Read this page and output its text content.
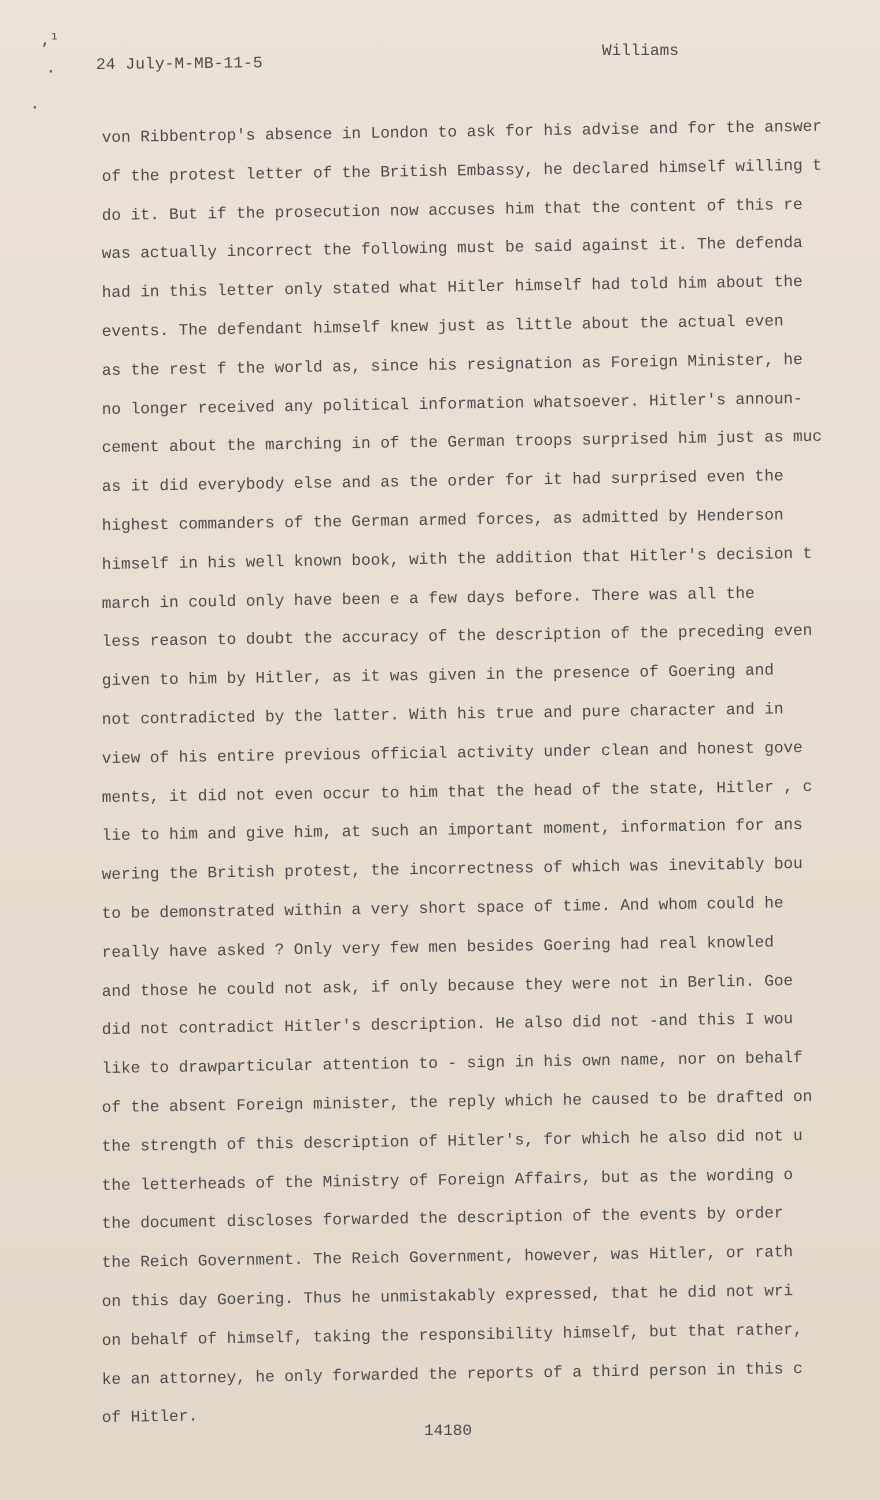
,¹
·
·
24 July-M-MB-11-5
Williams
von Ribbentrop's absence in London to ask for his advise and for the answer
of the protest letter of the British Embassy, he declared himself willing t
do it. But if the prosecution now accuses him that the content of this re
was actually incorrect the following must be said against it. The defenda
had in this letter only stated what Hitler himself had told him about the
events. The defendant himself knew just as little about the actual even
as the rest f the world as, since his resignation as Foreign Minister, he
no longer received any political information whatsoever. Hitler's announ-
cement about the marching in of the German troops surprised him just as muc
as it did everybody else and as the order for it had surprised even the
highest commanders of the German armed forces, as admitted by Henderson
himself in his well known book, with the addition that Hitler's decision t
march in could only have been e a few days before. There was all the
less reason to doubt the accuracy of the description of the preceding even
given to him by Hitler, as it was given in the presence of Goering and
not contradicted by the latter. With his true and pure character and in
view of his entire previous official activity under clean and honest gove
ments, it did not even occur to him that the head of the state, Hitler , c
lie to him and give him, at such an important moment, information for ans
wering the British protest, the incorrectness of which was inevitably bou
to be demonstrated within a very short space of time. And whom could he
really have asked ? Only very few men besides Goering had real knowled
and those he could not ask, if only because they were not in Berlin. Goe
did not contradict Hitler's description. He also did not -and this I wou
like to drawparticular attention to - sign in his own name, nor on behalf
of the absent Foreign minister, the reply which he caused to be drafted on
the strength of this description of Hitler's, for which he also did not u
the letterheads of the Ministry of Foreign Affairs, but as the wording o
the document discloses forwarded the description of the events by order
the Reich Government. The Reich Government, however, was Hitler, or rath
on this day Goering. Thus he unmistakably expressed, that he did not wri
on behalf of himself, taking the responsibility himself, but that rather,
ke an attorney, he only forwarded the reports of a third person in this c
of Hitler.
14180
